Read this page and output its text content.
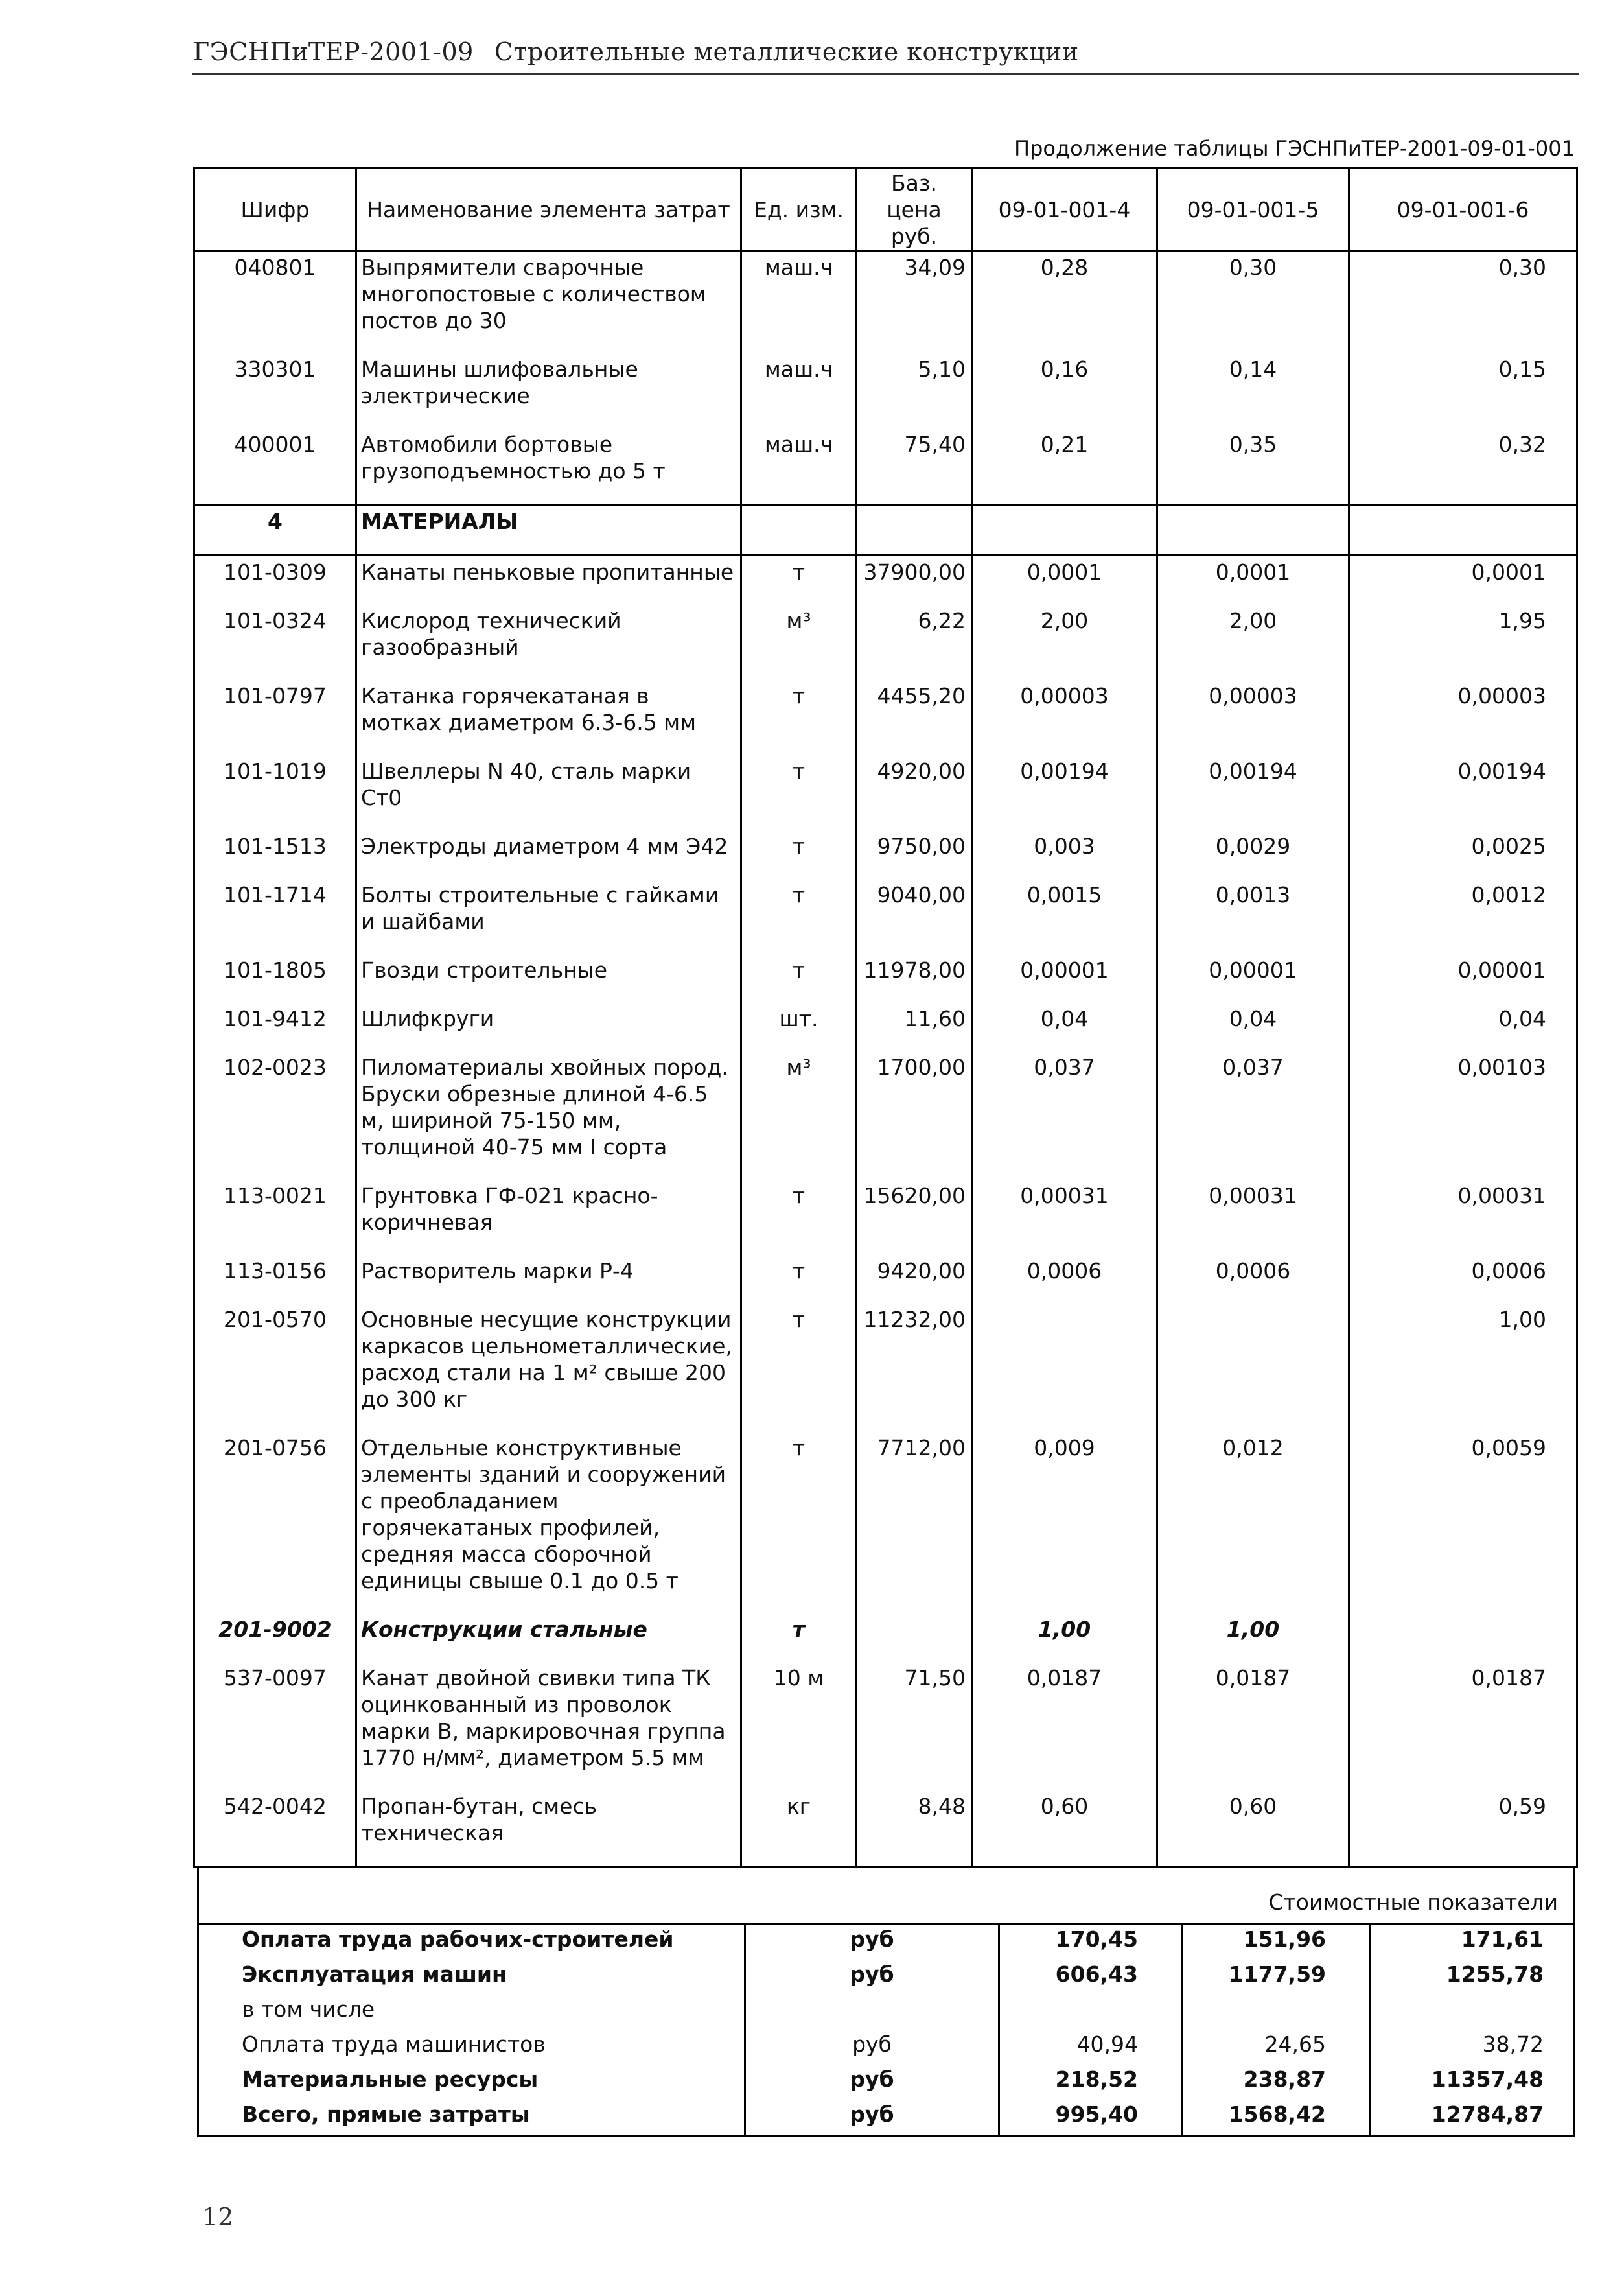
ГЭСНПиТЕР-2001-09 Строительные металлические конструкции
Продолжение таблицы ГЭСНПиТЕР-2001-09-01-001
Шифр	Наименование элемента затрат	Ед. изм.	Баз. цена руб.	09-01-001-4	09-01-001-5	09-01-001-6
040801	Выпрямители сварочные многопостовые с количеством постов до 30	маш.ч	34,09	0,28	0,30	0,30
330301	Машины шлифовальные электрические	маш.ч	5,10	0,16	0,14	0,15
400001	Автомобили бортовые грузоподъемностью до 5 т	маш.ч	75,40	0,21	0,35	0,32
4	МАТЕРИАЛЫ					
101-0309	Канаты пеньковые пропитанные	т	37900,00	0,0001	0,0001	0,0001
101-0324	Кислород технический газообразный	м³	6,22	2,00	2,00	1,95
101-0797	Катанка горячекатаная в мотках диаметром 6.3-6.5 мм	т	4455,20	0,00003	0,00003	0,00003
101-1019	Швеллеры N 40, сталь марки Ст0	т	4920,00	0,00194	0,00194	0,00194
101-1513	Электроды диаметром 4 мм Э42	т	9750,00	0,003	0,0029	0,0025
101-1714	Болты строительные с гайками и шайбами	т	9040,00	0,0015	0,0013	0,0012
101-1805	Гвозди строительные	т	11978,00	0,00001	0,00001	0,00001
101-9412	Шлифкруги	шт.	11,60	0,04	0,04	0,04
102-0023	Пиломатериалы хвойных пород. Бруски обрезные длиной 4-6.5 м, шириной 75-150 мм, толщиной 40-75 мм I сорта	м³	1700,00	0,037	0,037	0,00103
113-0021	Грунтовка ГФ-021 красно-коричневая	т	15620,00	0,00031	0,00031	0,00031
113-0156	Растворитель марки Р-4	т	9420,00	0,0006	0,0006	0,0006
201-0570	Основные несущие конструкции каркасов цельнометаллические, расход стали на 1 м² свыше 200 до 300 кг	т	11232,00			1,00
201-0756	Отдельные конструктивные элементы зданий и сооружений с преобладанием горячекатаных профилей, средняя масса сборочной единицы свыше 0.1 до 0.5 т	т	7712,00	0,009	0,012	0,0059
201-9002	Конструкции стальные	т		1,00	1,00	
537-0097	Канат двойной свивки типа ТК оцинкованный из проволок марки В, маркировочная группа 1770 н/мм², диаметром 5.5 мм	10 м	71,50	0,0187	0,0187	0,0187
542-0042	Пропан-бутан, смесь техническая	кг	8,48	0,60	0,60	0,59
Стоимостные показатели				
Оплата труда рабочих-строителей	руб	170,45	151,96	171,61
Эксплуатация машин	руб	606,43	1177,59	1255,78
в том числе				
Оплата труда машинистов	руб	40,94	24,65	38,72
Материальные ресурсы	руб	218,52	238,87	11357,48
Всего, прямые затраты	руб	995,40	1568,42	12784,87
12
